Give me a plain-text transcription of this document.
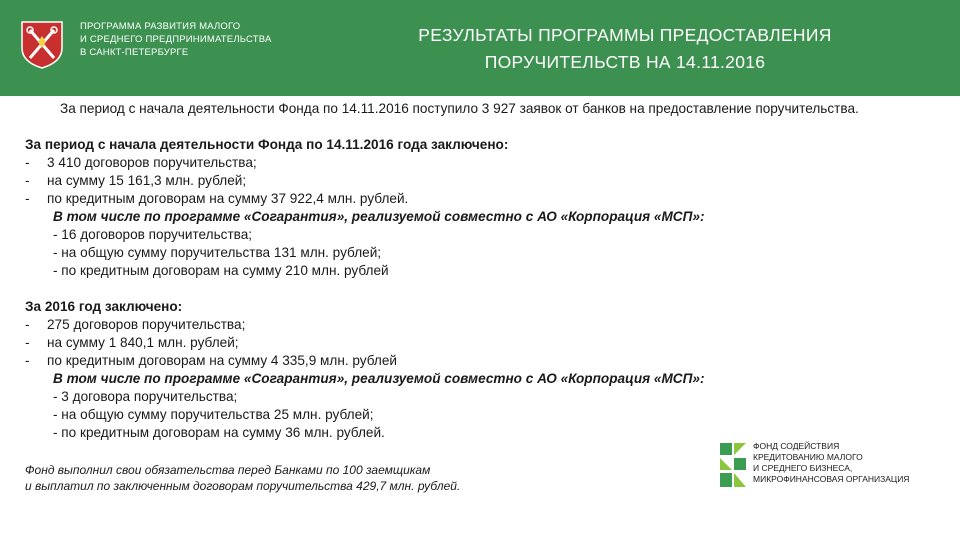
ПРОГРАММА РАЗВИТИЯ МАЛОГО
И СРЕДНЕГО ПРЕДПРИНИМАТЕЛЬСТВА
В САНКТ-ПЕТЕРБУРГЕ
РЕЗУЛЬТАТЫ ПРОГРАММЫ ПРЕДОСТАВЛЕНИЯ
ПОРУЧИТЕЛЬСТВ НА 14.11.2016
За период с начала деятельности Фонда по 14.11.2016 поступило 3 927 заявок от банков на предоставление поручительства.
За период с начала деятельности Фонда по 14.11.2016 года заключено:
- 3 410 договоров поручительства;
- на сумму 15 161,3 млн. рублей;
- по кредитным договорам на сумму 37 922,4 млн. рублей.
В том числе по программе «Согарантия», реализуемой совместно с АО «Корпорация «МСП»:
- 16 договоров поручительства;
- на общую сумму поручительства 131 млн. рублей;
- по кредитным договорам на сумму 210 млн. рублей
За 2016 год заключено:
- 275 договоров поручительства;
- на сумму 1 840,1 млн. рублей;
- по кредитным договорам на сумму 4 335,9 млн. рублей
В том числе по программе «Согарантия», реализуемой совместно с АО «Корпорация «МСП»:
- 3 договора поручительства;
- на общую сумму поручительства 25 млн. рублей;
- по кредитным договорам на сумму 36 млн. рублей.
Фонд выполнил свои обязательства перед Банками по 100 заемщикам
и выплатил по заключенным договорам поручительства 429,7 млн. рублей.
ФОНД СОДЕЙСТВИЯ
КРЕДИТОВАНИЮ МАЛОГО
И СРЕДНЕГО БИЗНЕСА,
МИКРОФИНАНСОВАЯ ОРГАНИЗАЦИЯ
